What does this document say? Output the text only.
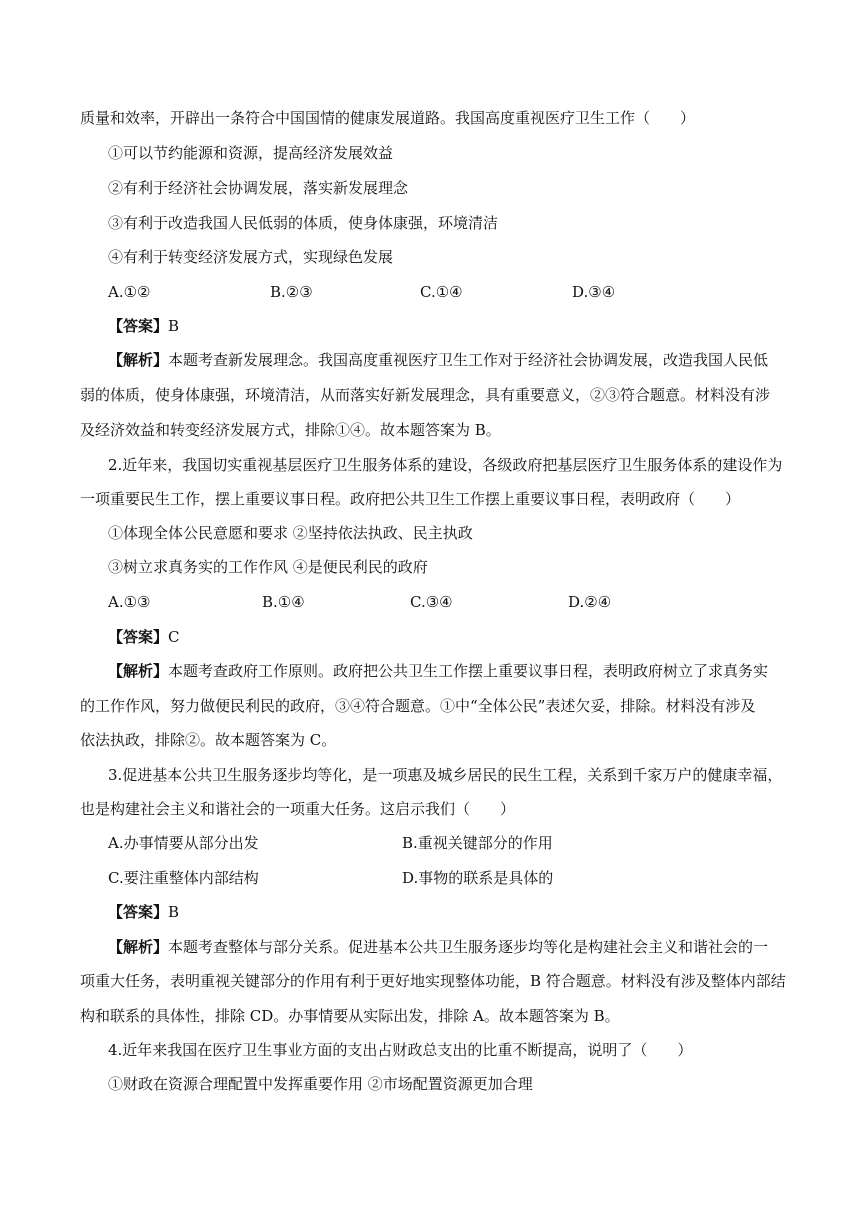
质量和效率，开辟出一条符合中国国情的健康发展道路。我国高度重视医疗卫生工作（　　）
①可以节约能源和资源，提高经济发展效益
②有利于经济社会协调发展，落实新发展理念
③有利于改造我国人民低弱的体质，使身体康强，环境清洁
④有利于转变经济发展方式，实现绿色发展
A.①②	B.②③	C.①④	D.③④
【答案】B
【解析】本题考查新发展理念。我国高度重视医疗卫生工作对于经济社会协调发展，改造我国人民低
弱的体质，使身体康强，环境清洁，从而落实好新发展理念，具有重要意义，②③符合题意。材料没有涉
及经济效益和转变经济发展方式，排除①④。故本题答案为 B。
2.近年来，我国切实重视基层医疗卫生服务体系的建设，各级政府把基层医疗卫生服务体系的建设作为
一项重要民生工作，摆上重要议事日程。政府把公共卫生工作摆上重要议事日程，表明政府（　　）
①体现全体公民意愿和要求 ②坚持依法执政、民主执政
③树立求真务实的工作作风 ④是便民利民的政府
A.①③	B.①④	C.③④	D.②④
【答案】C
【解析】本题考查政府工作原则。政府把公共卫生工作摆上重要议事日程，表明政府树立了求真务实
的工作作风，努力做便民利民的政府，③④符合题意。①中“全体公民”表述欠妥，排除。材料没有涉及
依法执政，排除②。故本题答案为 C。
3.促进基本公共卫生服务逐步均等化，是一项惠及城乡居民的民生工程，关系到千家万户的健康幸福，
也是构建社会主义和谐社会的一项重大任务。这启示我们（　　）
A.办事情要从部分出发	B.重视关键部分的作用
C.要注重整体内部结构	D.事物的联系是具体的
【答案】B
【解析】本题考查整体与部分关系。促进基本公共卫生服务逐步均等化是构建社会主义和谐社会的一
项重大任务，表明重视关键部分的作用有利于更好地实现整体功能，B 符合题意。材料没有涉及整体内部结
构和联系的具体性，排除 CD。办事情要从实际出发，排除 A。故本题答案为 B。
4.近年来我国在医疗卫生事业方面的支出占财政总支出的比重不断提高，说明了（　　）
①财政在资源合理配置中发挥重要作用 ②市场配置资源更加合理
